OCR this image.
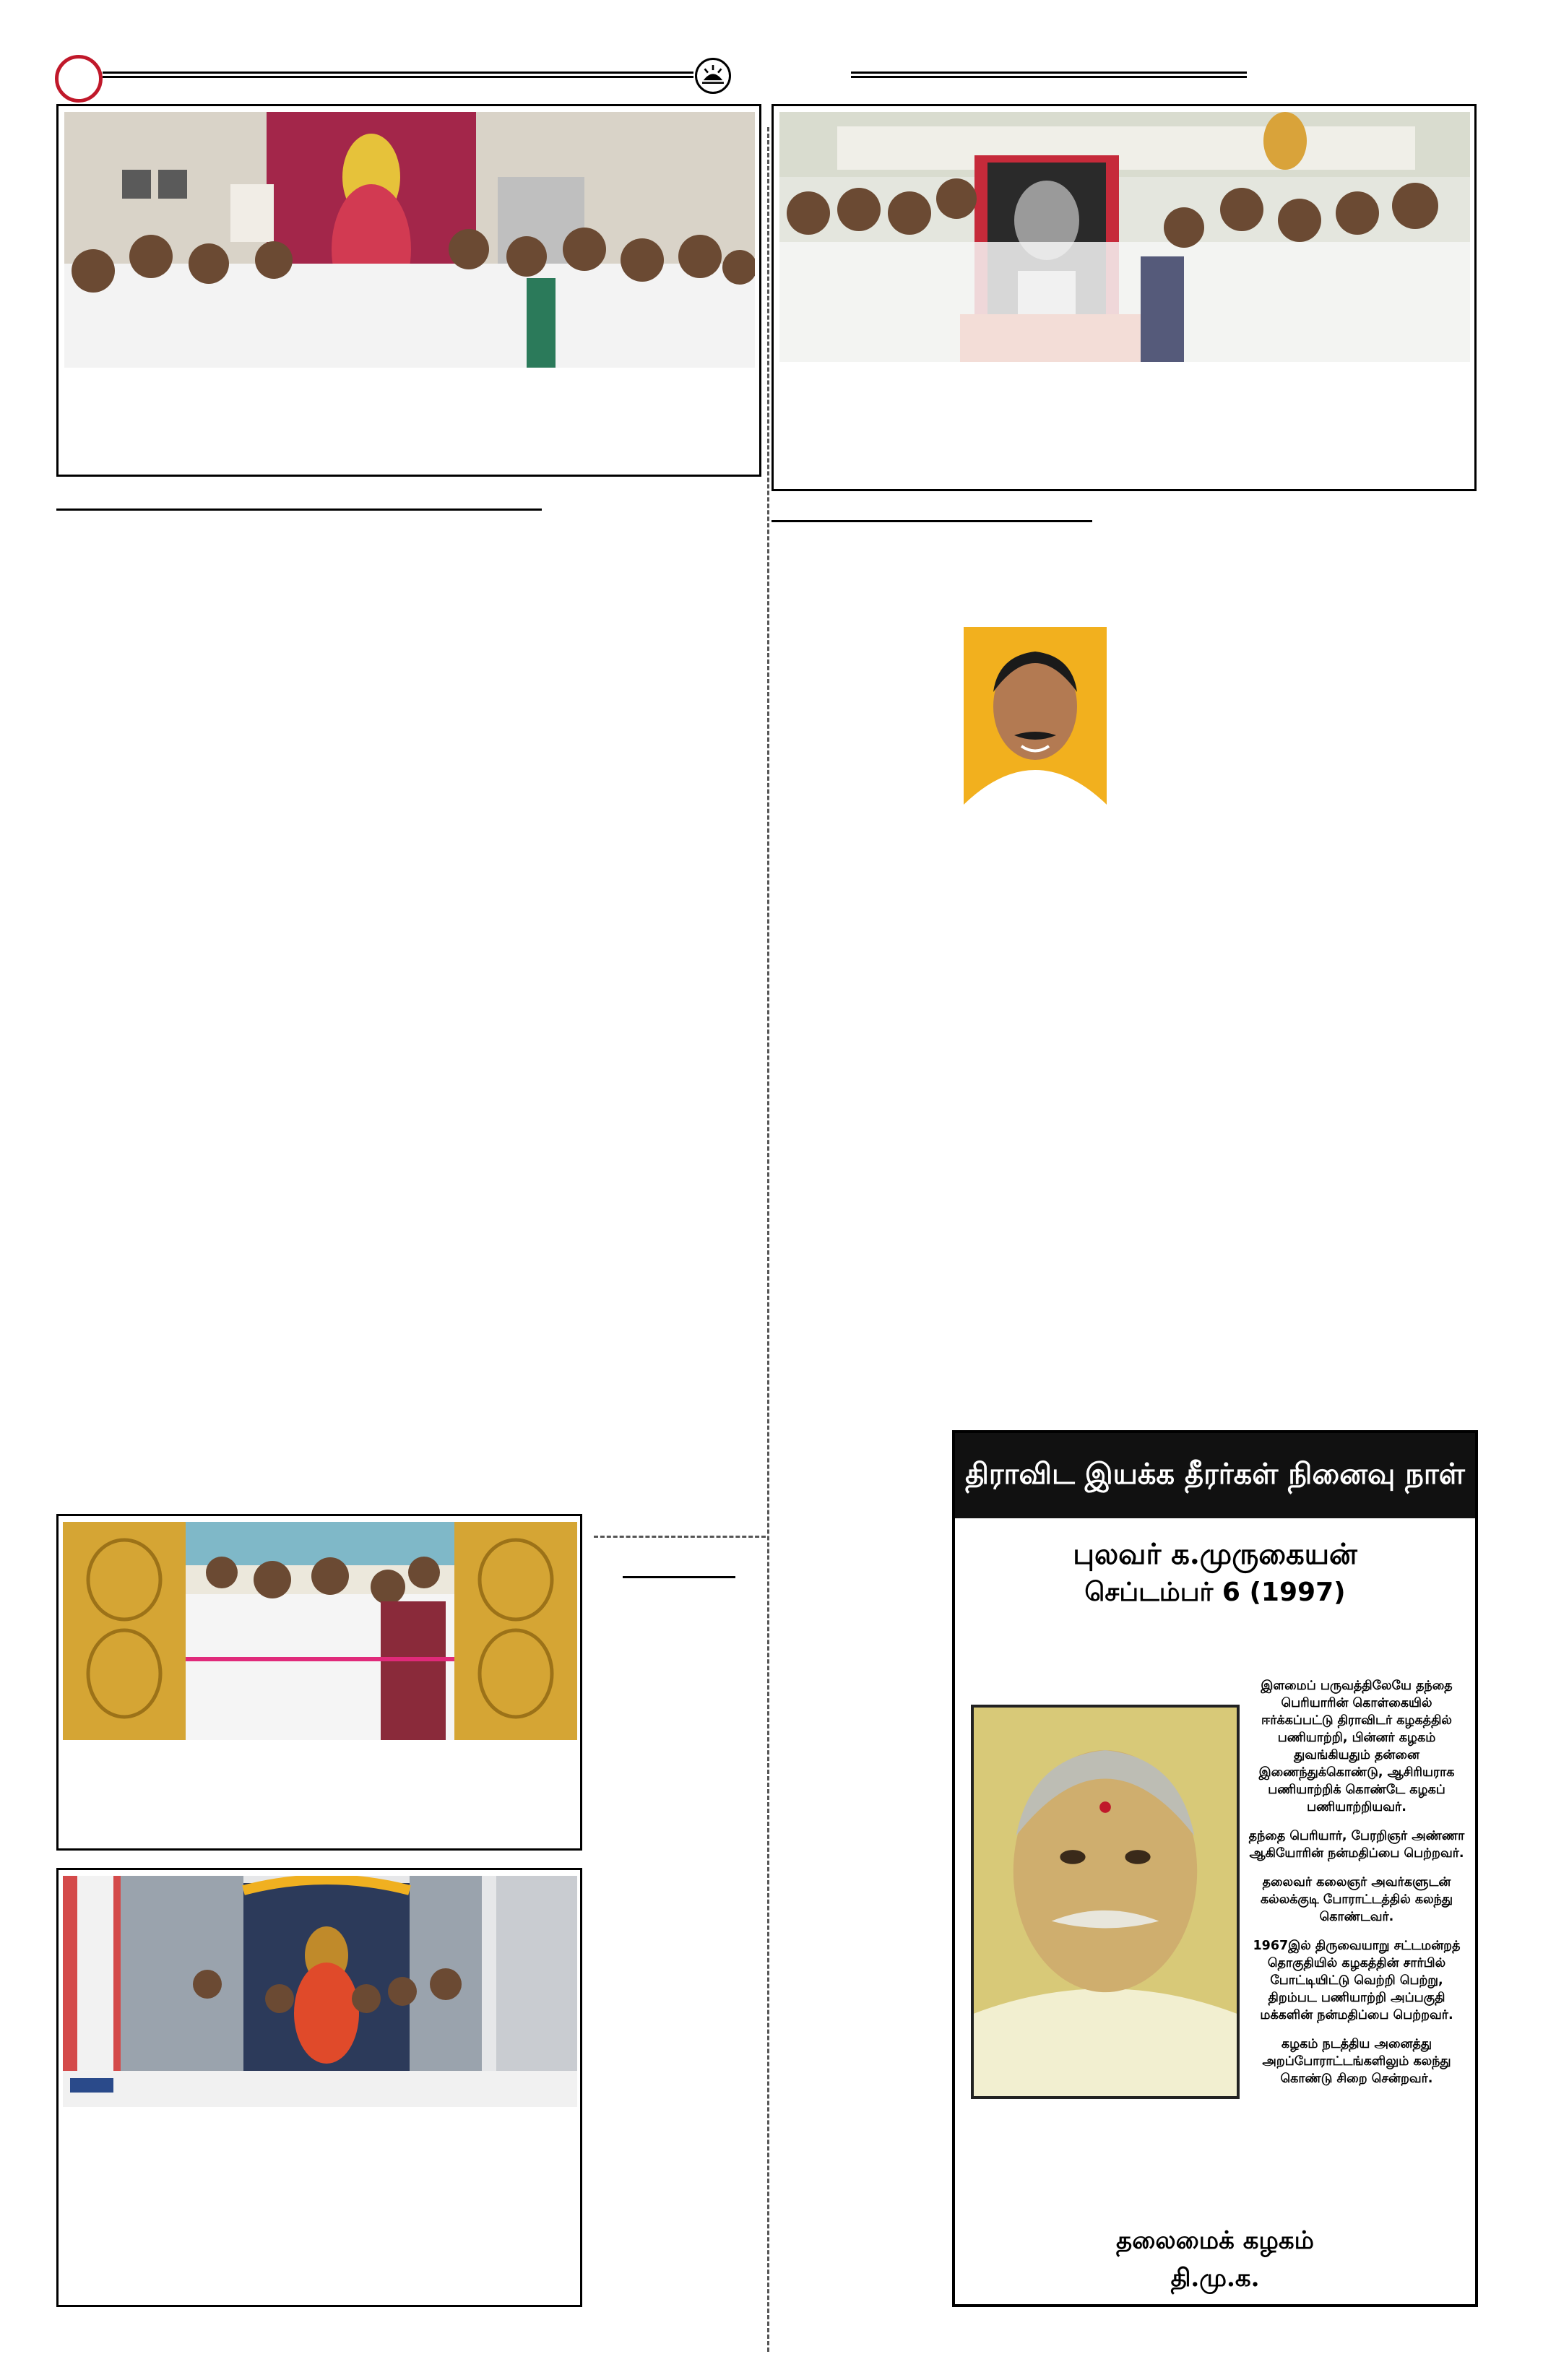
திராவிட இயக்க தீரர்கள் நினைவு நாள்
புலவர் க.முருகையன்
செப்டம்பர் 6 (1997)

இளமைப் பருவத்திலேயே தந்தை பெரியாரின் கொள்கையில் ஈர்க்கப்பட்டு திராவிடர் கழகத்தில் பணியாற்றி, பின்னர் கழகம் துவங்கியதும் தன்னை இணைந்துக்கொண்டு, ஆசிரியராக பணியாற்றிக் கொண்டே கழகப் பணியாற்றியவர்.

தந்தை பெரியார், பேரறிஞர் அண்ணா ஆகியோரின் நன்மதிப்பை பெற்றவர்.

தலைவர் கலைஞர் அவர்களுடன் கல்லக்குடி போராட்டத்தில் கலந்து கொண்டவர்.

1967இல் திருவையாறு சட்டமன்றத் தொகுதியில் கழகத்தின் சார்பில் போட்டியிட்டு வெற்றி பெற்று, திறம்பட பணியாற்றி அப்பகுதி மக்களின் நன்மதிப்பை பெற்றவர்.

கழகம் நடத்திய அனைத்து அறப்போராட்டங்களிலும் கலந்து கொண்டு சிறை சென்றவர்.

தலைமைக் கழகம்
தி.மு.க.
